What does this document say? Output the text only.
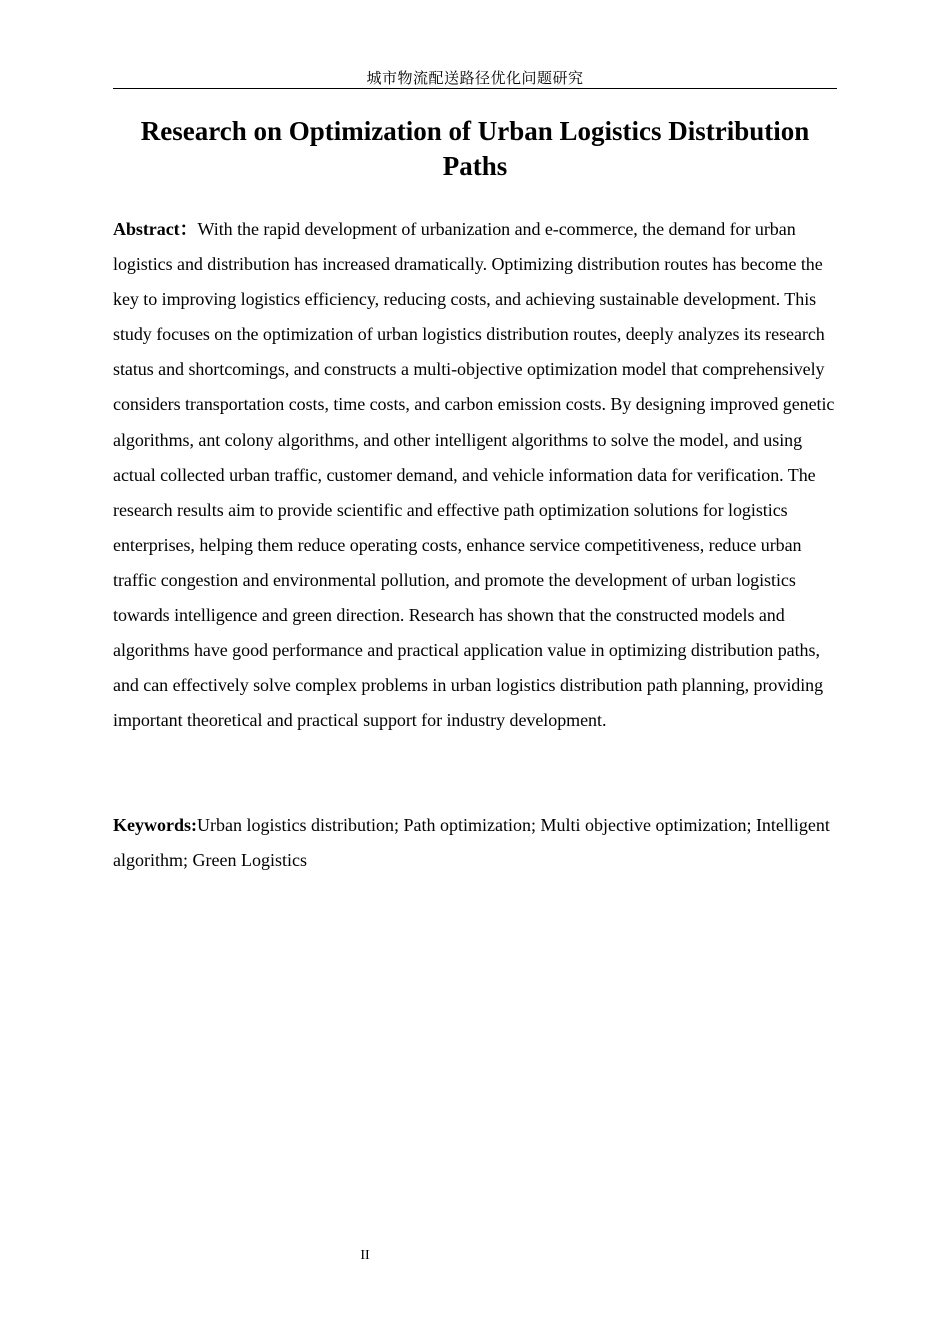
城市物流配送路径优化问题研究
Research on Optimization of Urban Logistics Distribution Paths

Abstract：With the rapid development of urbanization and e-commerce, the demand for urban logistics and distribution has increased dramatically. Optimizing distribution routes has become the key to improving logistics efficiency, reducing costs, and achieving sustainable development. This study focuses on the optimization of urban logistics distribution routes, deeply analyzes its research status and shortcomings, and constructs a multi-objective optimization model that comprehensively considers transportation costs, time costs, and carbon emission costs. By designing improved genetic algorithms, ant colony algorithms, and other intelligent algorithms to solve the model, and using actual collected urban traffic, customer demand, and vehicle information data for verification. The research results aim to provide scientific and effective path optimization solutions for logistics enterprises, helping them reduce operating costs, enhance service competitiveness, reduce urban traffic congestion and environmental pollution, and promote the development of urban logistics towards intelligence and green direction. Research has shown that the constructed models and algorithms have good performance and practical application value in optimizing distribution paths, and can effectively solve complex problems in urban logistics distribution path planning, providing important theoretical and practical support for industry development.

Keywords:Urban logistics distribution; Path optimization; Multi objective optimization; Intelligent algorithm; Green Logistics

II
